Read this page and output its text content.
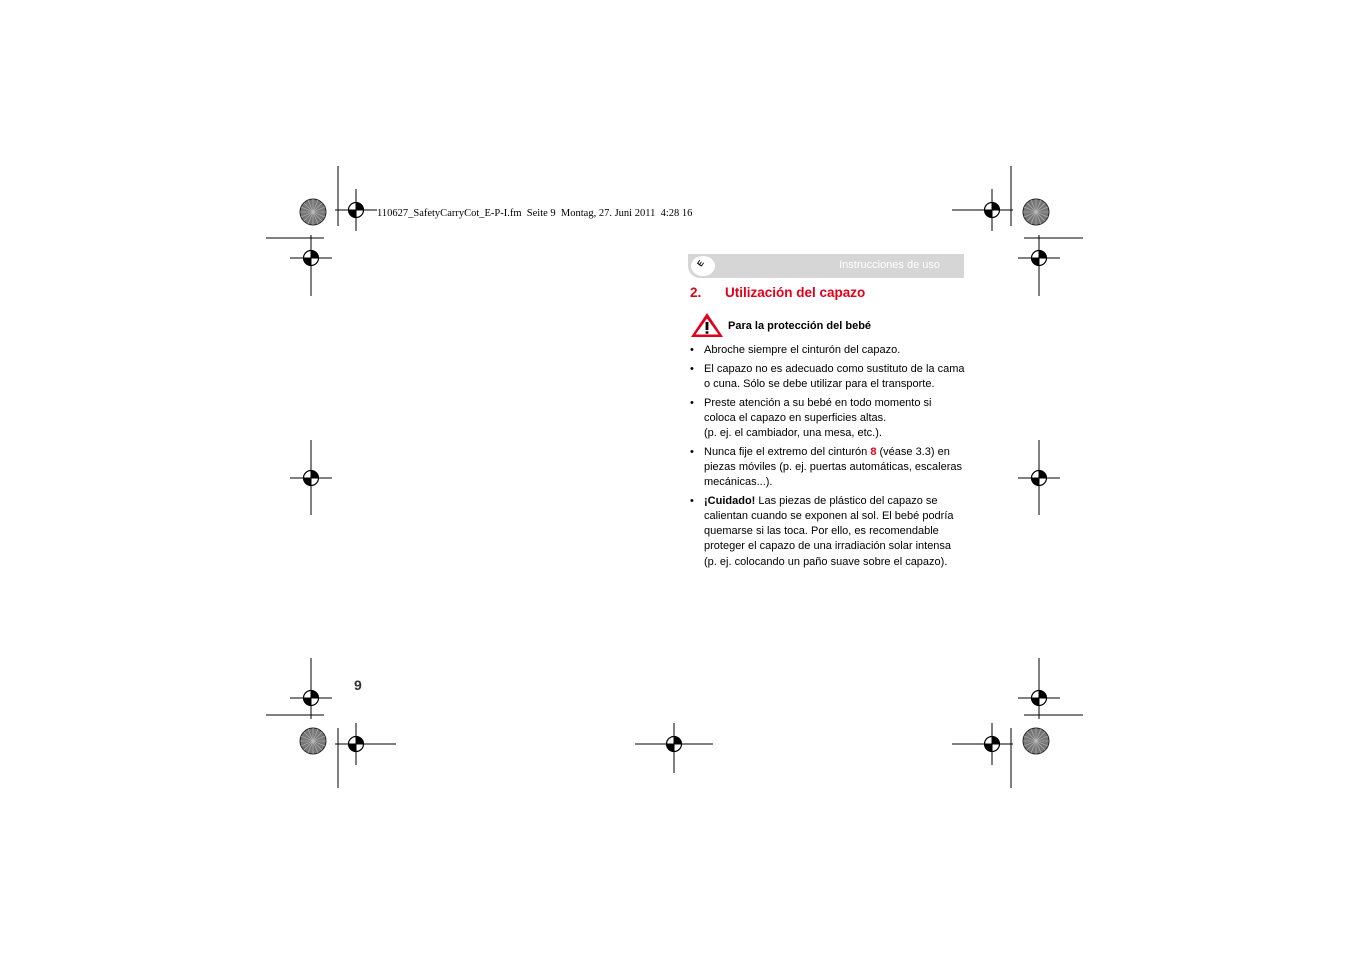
110627_SafetyCarryCot_E-P-I.fm  Seite 9  Montag, 27. Juni 2011  4:28 16
E	Instrucciones de uso
2. Utilización del capazo
Para la protección del bebé
• Abroche siempre el cinturón del capazo.
• El capazo no es adecuado como sustituto de la cama o cuna. Sólo se debe utilizar para el transporte.
• Preste atención a su bebé en todo momento si coloca el capazo en superficies altas.
(p. ej. el cambiador, una mesa, etc.).
• Nunca fije el extremo del cinturón 8 (véase 3.3) en piezas móviles (p. ej. puertas automáticas, escaleras mecánicas...).
• ¡Cuidado! Las piezas de plástico del capazo se calientan cuando se exponen al sol. El bebé podría quemarse si las toca. Por ello, es recomendable proteger el capazo de una irradiación solar intensa (p. ej. colocando un paño suave sobre el capazo).
9
